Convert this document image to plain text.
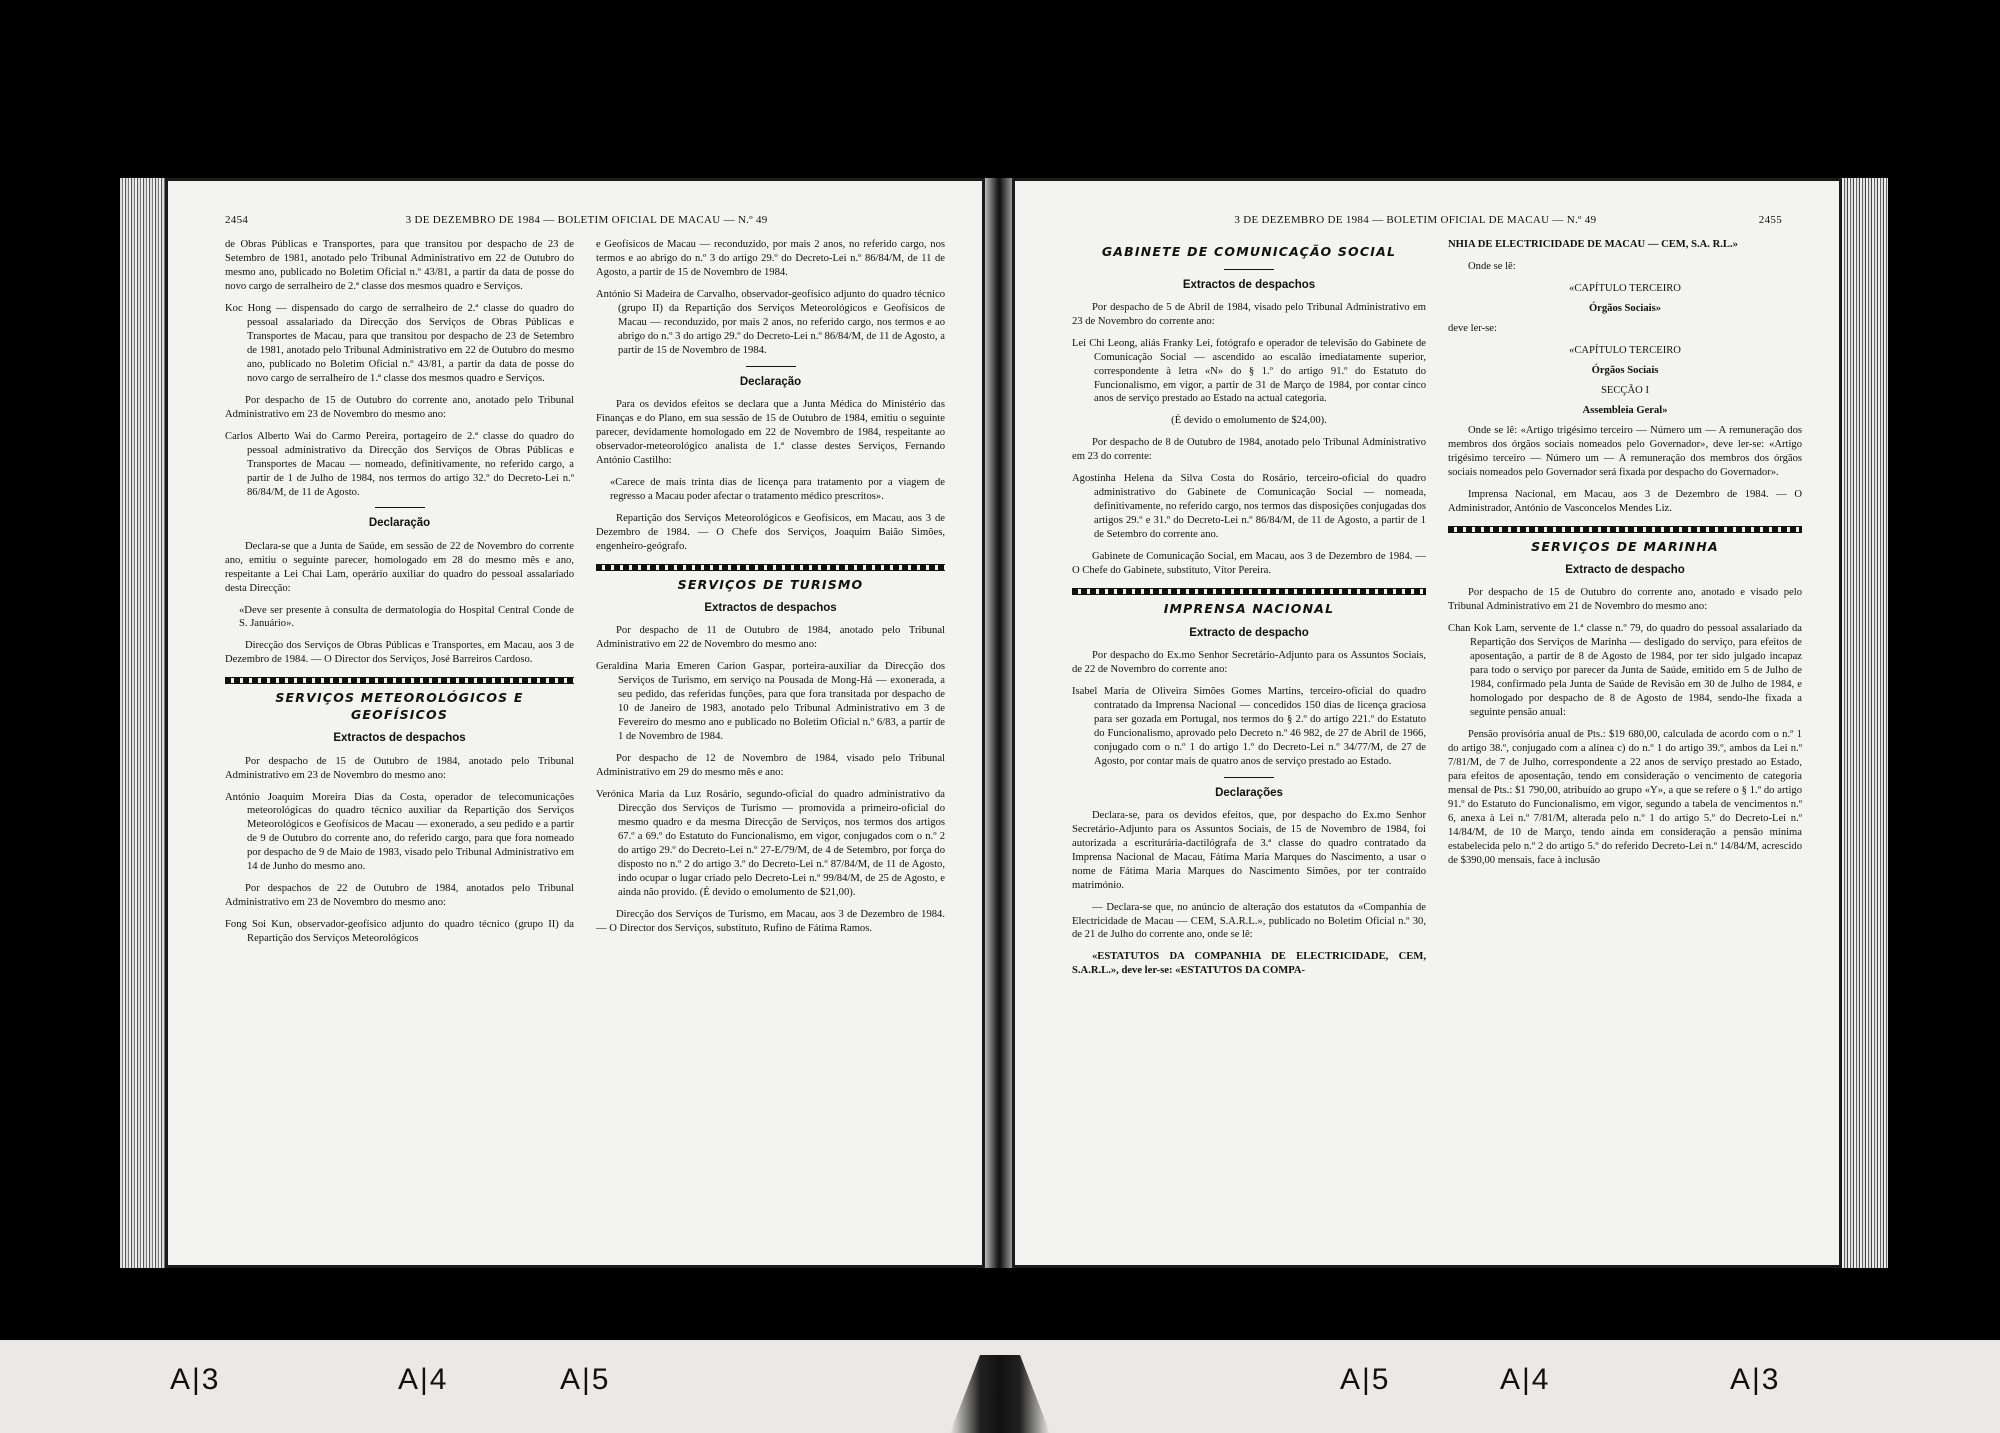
2454	3 DE DEZEMBRO DE 1984 — BOLETIM OFICIAL DE MACAU — N.º 49

de Obras Públicas e Transportes, para que transitou por despacho de 23 de Setembro de 1981, anotado pelo Tribunal Administrativo em 22 de Outubro do mesmo ano, publicado no Boletim Oficial n.º 43/81, a partir da data de posse do novo cargo de serralheiro de 2.ª classe dos mesmos quadro e Serviços.

Koc Hong — dispensado do cargo de serralheiro de 2.ª classe do quadro do pessoal assalariado da Direcção dos Serviços de Obras Públicas e Transportes de Macau, para que transitou por despacho de 23 de Setembro de 1981, anotado pelo Tribunal Administrativo em 22 de Outubro do mesmo ano, publicado no Boletim Oficial n.º 43/81, a partir da data de posse do novo cargo de serralheiro de 1.ª classe dos mesmos quadro e Serviços.

Por despacho de 15 de Outubro do corrente ano, anotado pelo Tribunal Administrativo em 23 de Novembro do mesmo ano:

Carlos Alberto Wai do Carmo Pereira, portageiro de 2.ª classe do quadro do pessoal administrativo da Direcção dos Serviços de Obras Públicas e Transportes de Macau — nomeado, definitivamente, no referido cargo, a partir de 1 de Julho de 1984, nos termos do artigo 32.º do Decreto-Lei n.º 86/84/M, de 11 de Agosto.

Declaração

Declara-se que a Junta de Saúde, em sessão de 22 de Novembro do corrente ano, emitiu o seguinte parecer, homologado em 28 do mesmo mês e ano, respeitante a Lei Chai Lam, operário auxiliar do quadro do pessoal assalariado desta Direcção:

«Deve ser presente à consulta de dermatologia do Hospital Central Conde de S. Januário».

Direcção dos Serviços de Obras Públicas e Transportes, em Macau, aos 3 de Dezembro de 1984. — O Director dos Serviços, José Barreiros Cardoso.

SERVIÇOS METEOROLÓGICOS E GEOFÍSICOS
Extractos de despachos

Por despacho de 15 de Outubro de 1984, anotado pelo Tribunal Administrativo em 23 de Novembro do mesmo ano:

António Joaquim Moreira Dias da Costa, operador de telecomunicações meteorológicas do quadro técnico auxiliar da Repartição dos Serviços Meteorológicos e Geofísicos de Macau — exonerado, a seu pedido e a partir de 9 de Outubro do corrente ano, do referido cargo, para que fora nomeado por despacho de 9 de Maio de 1983, visado pelo Tribunal Administrativo em 14 de Junho do mesmo ano.

Por despachos de 22 de Outubro de 1984, anotados pelo Tribunal Administrativo em 23 de Novembro do mesmo ano:

Fong Soi Kun, observador-geofísico adjunto do quadro técnico (grupo II) da Repartição dos Serviços Meteorológicos

e Geofísicos de Macau — reconduzido, por mais 2 anos, no referido cargo, nos termos e ao abrigo do n.º 3 do artigo 29.º do Decreto-Lei n.º 86/84/M, de 11 de Agosto, a partir de 15 de Novembro de 1984.

António Si Madeira de Carvalho, observador-geofísico adjunto do quadro técnico (grupo II) da Repartição dos Serviços Meteorológicos e Geofísicos de Macau — reconduzido, por mais 2 anos, no referido cargo, nos termos e ao abrigo do n.º 3 do artigo 29.º do Decreto-Lei n.º 86/84/M, de 11 de Agosto, a partir de 15 de Novembro de 1984.

Declaração

Para os devidos efeitos se declara que a Junta Médica do Ministério das Finanças e do Plano, em sua sessão de 15 de Outubro de 1984, emitiu o seguinte parecer, devidamente homologado em 22 de Novembro de 1984, respeitante ao observador-meteorológico analista de 1.ª classe destes Serviços, Fernando António Castilho:

«Carece de mais trinta dias de licença para tratamento por a viagem de regresso a Macau poder afectar o tratamento médico prescritos».

Repartição dos Serviços Meteorológicos e Geofísicos, em Macau, aos 3 de Dezembro de 1984. — O Chefe dos Serviços, Joaquim Baião Simões, engenheiro-geógrafo.

SERVIÇOS DE TURISMO
Extractos de despachos

Por despacho de 11 de Outubro de 1984, anotado pelo Tribunal Administrativo em 22 de Novembro do mesmo ano:

Geraldina Maria Emeren Carion Gaspar, porteira-auxiliar da Direcção dos Serviços de Turismo, em serviço na Pousada de Mong-Há — exonerada, a seu pedido, das referidas funções, para que fora transitada por despacho de 10 de Janeiro de 1983, anotado pelo Tribunal Administrativo em 3 de Fevereiro do mesmo ano e publicado no Boletim Oficial n.º 6/83, a partir de 1 de Novembro de 1984.

Por despacho de 12 de Novembro de 1984, visado pelo Tribunal Administrativo em 29 do mesmo mês e ano:

Verónica Maria da Luz Rosário, segundo-oficial do quadro administrativo da Direcção dos Serviços de Turismo — promovida a primeiro-oficial do mesmo quadro e da mesma Direcção de Serviços, nos termos dos artigos 67.º a 69.º do Estatuto do Funcionalismo, em vigor, conjugados com o n.º 2 do artigo 29.º do Decreto-Lei n.º 27-E/79/M, de 4 de Setembro, por força do disposto no n.º 2 do artigo 3.º do Decreto-Lei n.º 87/84/M, de 11 de Agosto, indo ocupar o lugar criado pelo Decreto-Lei n.º 99/84/M, de 25 de Agosto, e ainda não provido. (É devido o emolumento de $21,00).

Direcção dos Serviços de Turismo, em Macau, aos 3 de Dezembro de 1984. — O Director dos Serviços, substituto, Rufino de Fátima Ramos.

3 DE DEZEMBRO DE 1984 — BOLETIM OFICIAL DE MACAU — N.º 49	2455
GABINETE DE COMUNICAÇÃO SOCIAL
Extractos de despachos

Por despacho de 5 de Abril de 1984, visado pelo Tribunal Administrativo em 23 de Novembro do corrente ano:

Lei Chi Leong, aliás Franky Lei, fotógrafo e operador de televisão do Gabinete de Comunicação Social — ascendido ao escalão imediatamente superior, correspondente à letra «N» do § 1.º do artigo 91.º do Estatuto do Funcionalismo, em vigor, a partir de 31 de Março de 1984, por contar cinco anos de serviço prestado ao Estado na actual categoria.

(É devido o emolumento de $24,00).

Por despacho de 8 de Outubro de 1984, anotado pelo Tribunal Administrativo em 23 do corrente:

Agostinha Helena da Silva Costa do Rosário, terceiro-oficial do quadro administrativo do Gabinete de Comunicação Social — nomeada, definitivamente, no referido cargo, nos termos das disposições conjugadas dos artigos 29.º e 31.º do Decreto-Lei n.º 86/84/M, de 11 de Agosto, a partir de 1 de Setembro do corrente ano.

Gabinete de Comunicação Social, em Macau, aos 3 de Dezembro de 1984. — O Chefe do Gabinete, substituto, Vítor Pereira.

IMPRENSA NACIONAL
Extracto de despacho

Por despacho do Ex.mo Senhor Secretário-Adjunto para os Assuntos Sociais, de 22 de Novembro do corrente ano:

Isabel Maria de Oliveira Simões Gomes Martins, terceiro-oficial do quadro contratado da Imprensa Nacional — concedidos 150 dias de licença graciosa para ser gozada em Portugal, nos termos do § 2.º do artigo 221.º do Estatuto do Funcionalismo, aprovado pelo Decreto n.º 46 982, de 27 de Abril de 1966, conjugado com o n.º 1 do artigo 1.º do Decreto-Lei n.º 34/77/M, de 27 de Agosto, por contar mais de quatro anos de serviço prestado ao Estado.

Declarações

Declara-se, para os devidos efeitos, que, por despacho do Ex.mo Senhor Secretário-Adjunto para os Assuntos Sociais, de 15 de Novembro de 1984, foi autorizada a escriturária-dactilógrafa de 3.ª classe do quadro contratado da Imprensa Nacional de Macau, Fátima Maria Marques do Nascimento, a usar o nome de Fátima Maria Marques do Nascimento Simões, por ter contraído matrimónio.

— Declara-se que, no anúncio de alteração dos estatutos da «Companhia de Electricidade de Macau — CEM, S.A.R.L.», publicado no Boletim Oficial n.º 30, de 21 de Julho do corrente ano, onde se lê:

«ESTATUTOS DA COMPANHIA DE ELECTRICIDADE, CEM, S.A.R.L.», deve ler-se: «ESTATUTOS DA COMPA-

NHIA DE ELECTRICIDADE DE MACAU — CEM, S.A. R.L.»

Onde se lê:

«CAPÍTULO TERCEIRO
Órgãos Sociais»

deve ler-se:

«CAPÍTULO TERCEIRO
Órgãos Sociais
SECÇÃO I
Assembleia Geral»

Onde se lê: «Artigo trigésimo terceiro — Número um — A remuneração dos membros dos órgãos sociais nomeados pelo Governador», deve ler-se: «Artigo trigésimo terceiro — Número um — A remuneração dos membros dos órgãos sociais nomeados pelo Governador será fixada por despacho do Governador».

Imprensa Nacional, em Macau, aos 3 de Dezembro de 1984. — O Administrador, António de Vasconcelos Mendes Liz.

SERVIÇOS DE MARINHA
Extracto de despacho

Por despacho de 15 de Outubro do corrente ano, anotado e visado pelo Tribunal Administrativo em 21 de Novembro do mesmo ano:

Chan Kok Lam, servente de 1.ª classe n.º 79, do quadro do pessoal assalariado da Repartição dos Serviços de Marinha — desligado do serviço, para efeitos de aposentação, a partir de 8 de Agosto de 1984, por ter sido julgado incapaz para todo o serviço por parecer da Junta de Saúde, emitido em 5 de Julho de 1984, confirmado pela Junta de Saúde de Revisão em 30 de Julho de 1984, e homologado por despacho de 8 de Agosto de 1984, sendo-lhe fixada a seguinte pensão anual:

Pensão provisória anual de Pts.: $19 680,00, calculada de acordo com o n.º 1 do artigo 38.º, conjugado com a alínea c) do n.º 1 do artigo 39.º, ambos da Lei n.º 7/81/M, de 7 de Julho, correspondente a 22 anos de serviço prestado ao Estado, para efeitos de aposentação, tendo em consideração o vencimento de categoria mensal de Pts.: $1 790,00, atribuído ao grupo «Y», a que se refere o § 1.º do artigo 91.º do Estatuto do Funcionalismo, em vigor, segundo a tabela de vencimentos n.º 6, anexa à Lei n.º 7/81/M, alterada pelo n.º 1 do artigo 5.º do Decreto-Lei n.º 14/84/M, de 10 de Março, tendo ainda em consideração a pensão mínima estabelecida pelo n.º 2 do artigo 5.º do referido Decreto-Lei n.º 14/84/M, acrescido de $390,00 mensais, face à inclusão

A|3	A|4	A|5	A|5	A|4	A|3
